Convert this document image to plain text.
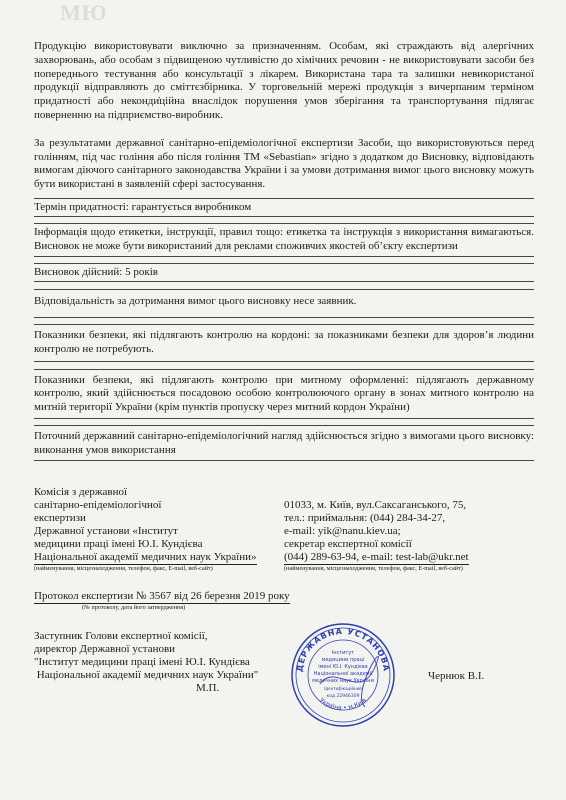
МЮ

Продукцію використовувати виключно за призначенням. Особам, які страждають від алергічних захворювань, або особам з підвищеною чутливістю до хімічних речовин - не використовувати засоби без попереднього тестування або консультації з лікарем. Використана тара та залишки невикористаної продукції відправляють до сміттєзбірника. У торговельній мережі продукція з вичерпаним терміном придатності або неконди̇ційна внаслідок порушення умов зберігання та транспортування підлягає поверненню на підприємство-виробник.

За результатами державної санітарно-епідеміологічної експертизи Засоби, що використовуються перед голінням, під час гоління або після гоління ТМ «Sebastian» згідно з додатком до Висновку, відповідають вимогам діючого санітарного законодавства України і за умови дотримання вимог цього висновку можуть бути використані в заявленій сфері застосування.

Термін придатності: гарантується виробником

Інформація щодо етикетки, інструкції, правил тощо: етикетка та інструкція з використання вимагаються. Висновок не може бути використаний для реклами споживчих якостей об’єкту експертизи

Висновок дійсний: 5 років

Відповідальність за дотримання вимог цього висновку несе заявник.

Показники безпеки, які підлягають контролю на кордоні: за показниками безпеки для здоров’я людини контролю не потребують.

Показники безпеки, які підлягають контролю при митному оформленні: підлягають державному контролю, який здійснюється посадовою особою контролюючого органу в зонах митного контролю на митній території України (крім пунктів пропуску через митний кордон України)

Поточний державний санітарно-епідеміологічний нагляд здійснюється згідно з вимогами цього висновку: виконання умов використання

Комісія з державної
санітарно-епідеміологічної
експертизи
Державної установи «Інститут
медицини праці імені Ю.І. Кундієва
Національної академії медичних наук України»
(найменування, місцезнаходження, телефон, факс, E-mail, веб-сайт)
01033, м. Київ, вул.Саксаганського, 75,
тел.: приймальня: (044) 284-34-27,
e-mail: yik@nanu.kiev.ua;
секретар експертної комісії
(044) 289-63-94, e-mail: test-lab@ukr.net
(найменування, місцезнаходження, телефон, факс, E-mail, веб-сайт)
Протокол експертизи № 3567 від 26 березня 2019 року
(№ протоколу, дата його затвердження)
Заступник Голови експертної комісії,
директор Державної установи
"Інститут медицини праці імені Ю.І. Кундієва
Національної академії медичних наук України"
М.П.
Чернюк В.І.
ДЕРЖАВНА УСТАНОВА
Україна • м.Київ
Інститут
медицини праці
імені Ю.І. Кундієва
Національної академії
медичних наук України
Ідентифікаційний
код 22946309
